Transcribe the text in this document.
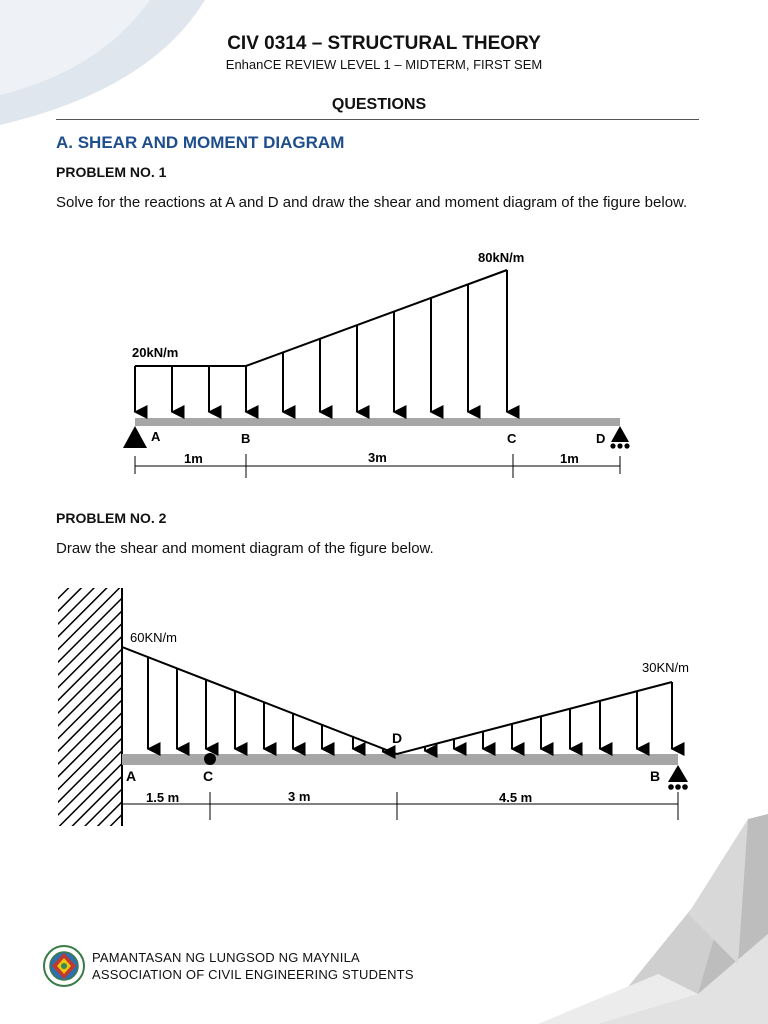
CIV 0314 – STRUCTURAL THEORY
EnhanCE REVIEW LEVEL 1 – MIDTERM, FIRST SEM
QUESTIONS
A. SHEAR AND MOMENT DIAGRAM
PROBLEM NO. 1
Solve for the reactions at A and D and draw the shear and moment diagram of the figure below.
20kN/m
80kN/m
A	B	C	D
1m	3m	1m
PROBLEM NO. 2
Draw the shear and moment diagram of the figure below.
60KN/m
30KN/m
A	C
D
B
1.5 m	3 m	4.5 m
PAMANTASAN NG LUNGSOD NG MAYNILA
ASSOCIATION OF CIVIL ENGINEERING STUDENTS
